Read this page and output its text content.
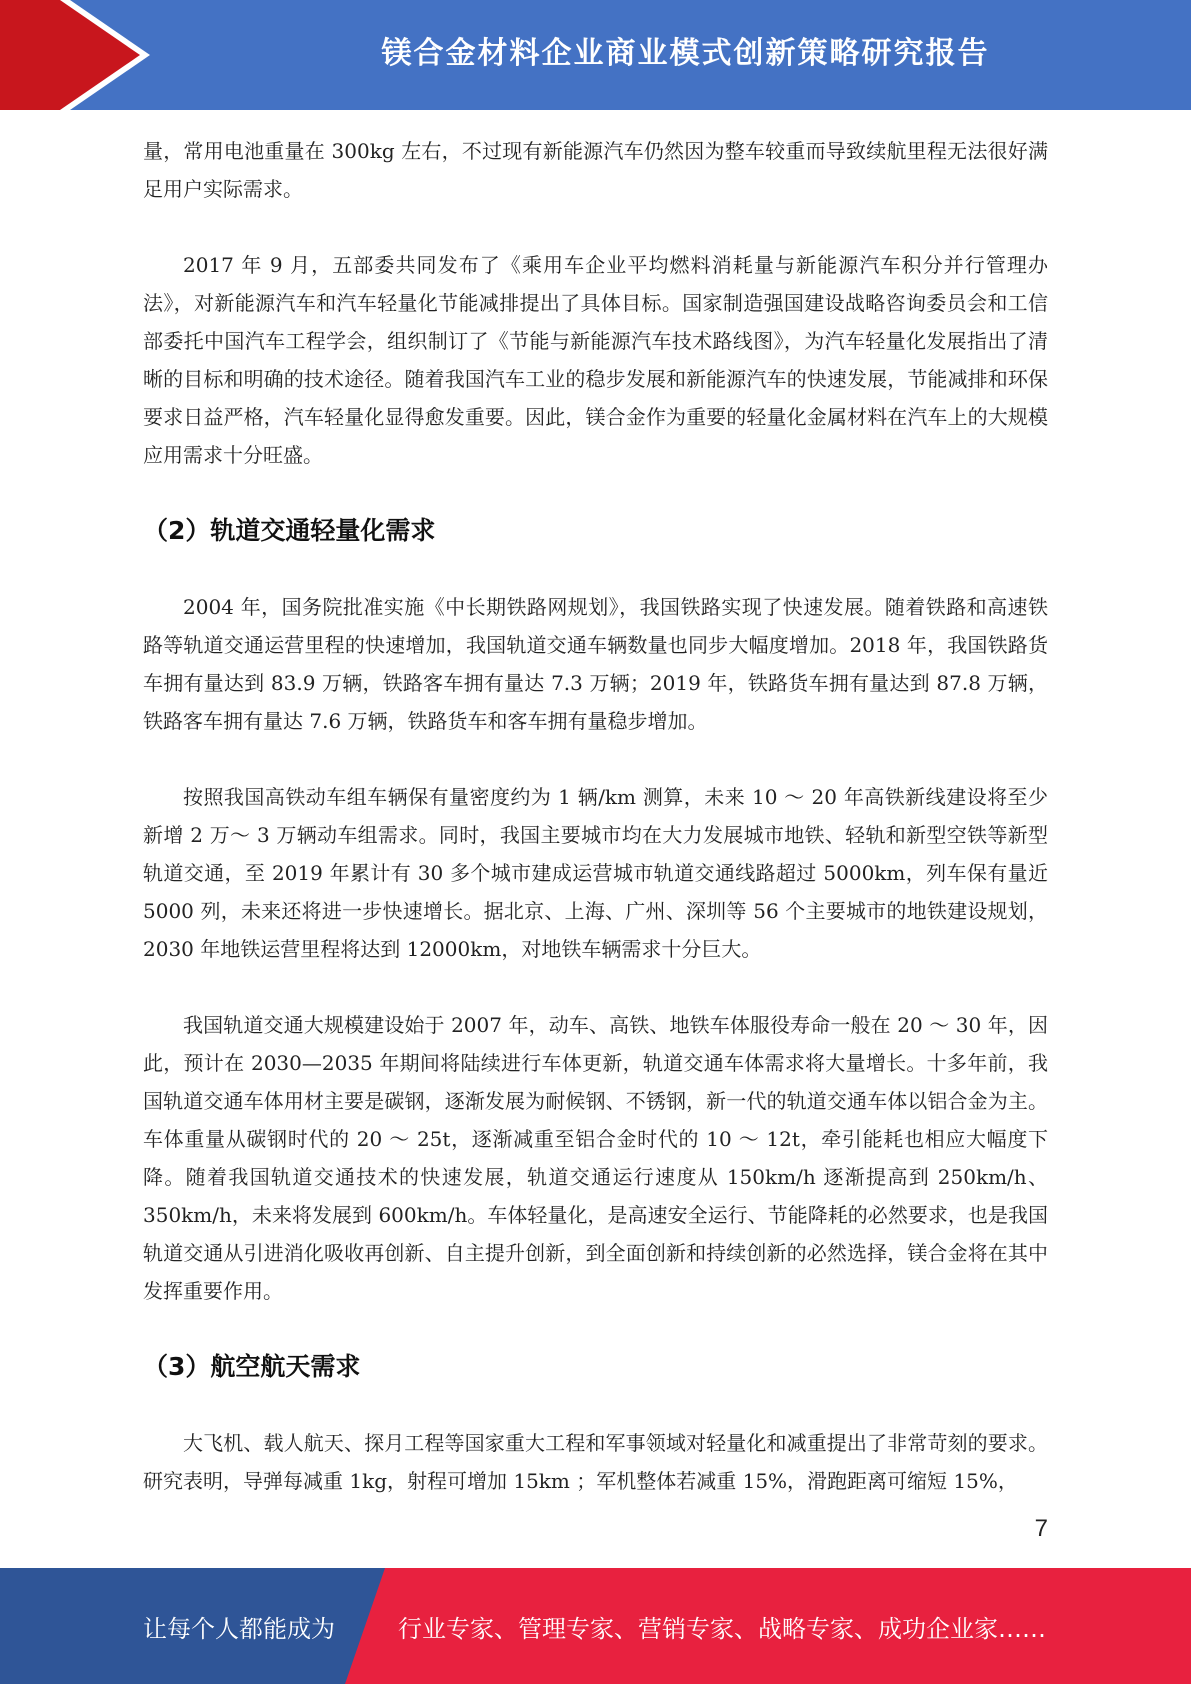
镁合金材料企业商业模式创新策略研究报告

量，常用电池重量在 300kg 左右，不过现有新能源汽车仍然因为整车较重而导致续航里程无法很好满足用户实际需求。

2017 年 9 月，五部委共同发布了《乘用车企业平均燃料消耗量与新能源汽车积分并行管理办法》，对新能源汽车和汽车轻量化节能减排提出了具体目标。国家制造强国建设战略咨询委员会和工信部委托中国汽车工程学会，组织制订了《节能与新能源汽车技术路线图》，为汽车轻量化发展指出了清晰的目标和明确的技术途径。随着我国汽车工业的稳步发展和新能源汽车的快速发展，节能减排和环保要求日益严格，汽车轻量化显得愈发重要。因此，镁合金作为重要的轻量化金属材料在汽车上的大规模应用需求十分旺盛。

（2）轨道交通轻量化需求

2004 年，国务院批准实施《中长期铁路网规划》，我国铁路实现了快速发展。随着铁路和高速铁路等轨道交通运营里程的快速增加，我国轨道交通车辆数量也同步大幅度增加。2018 年，我国铁路货车拥有量达到 83.9 万辆，铁路客车拥有量达 7.3 万辆；2019 年，铁路货车拥有量达到 87.8 万辆，铁路客车拥有量达 7.6 万辆，铁路货车和客车拥有量稳步增加。

按照我国高铁动车组车辆保有量密度约为 1 辆/km 测算，未来 10 ～ 20 年高铁新线建设将至少新增 2 万～ 3 万辆动车组需求。同时，我国主要城市均在大力发展城市地铁、轻轨和新型空铁等新型轨道交通，至 2019 年累计有 30 多个城市建成运营城市轨道交通线路超过 5000km，列车保有量近 5000 列，未来还将进一步快速增长。据北京、上海、广州、深圳等 56 个主要城市的地铁建设规划，2030 年地铁运营里程将达到 12000km，对地铁车辆需求十分巨大。

我国轨道交通大规模建设始于 2007 年，动车、高铁、地铁车体服役寿命一般在 20 ～ 30 年，因此，预计在 2030—2035 年期间将陆续进行车体更新，轨道交通车体需求将大量增长。十多年前，我国轨道交通车体用材主要是碳钢，逐渐发展为耐候钢、不锈钢，新一代的轨道交通车体以铝合金为主。车体重量从碳钢时代的 20 ～ 25t，逐渐减重至铝合金时代的 10 ～ 12t，牵引能耗也相应大幅度下降。随着我国轨道交通技术的快速发展，轨道交通运行速度从 150km/h 逐渐提高到 250km/h、350km/h，未来将发展到 600km/h。车体轻量化，是高速安全运行、节能降耗的必然要求，也是我国轨道交通从引进消化吸收再创新、自主提升创新，到全面创新和持续创新的必然选择，镁合金将在其中发挥重要作用。

（3）航空航天需求

大飞机、载人航天、探月工程等国家重大工程和军事领域对轻量化和减重提出了非常苛刻的要求。研究表明，导弹每减重 1kg，射程可增加 15km ；军机整体若减重 15%，滑跑距离可缩短 15%，

7
让每个人都能成为	行业专家、管理专家、营销专家、战略专家、成功企业家……
